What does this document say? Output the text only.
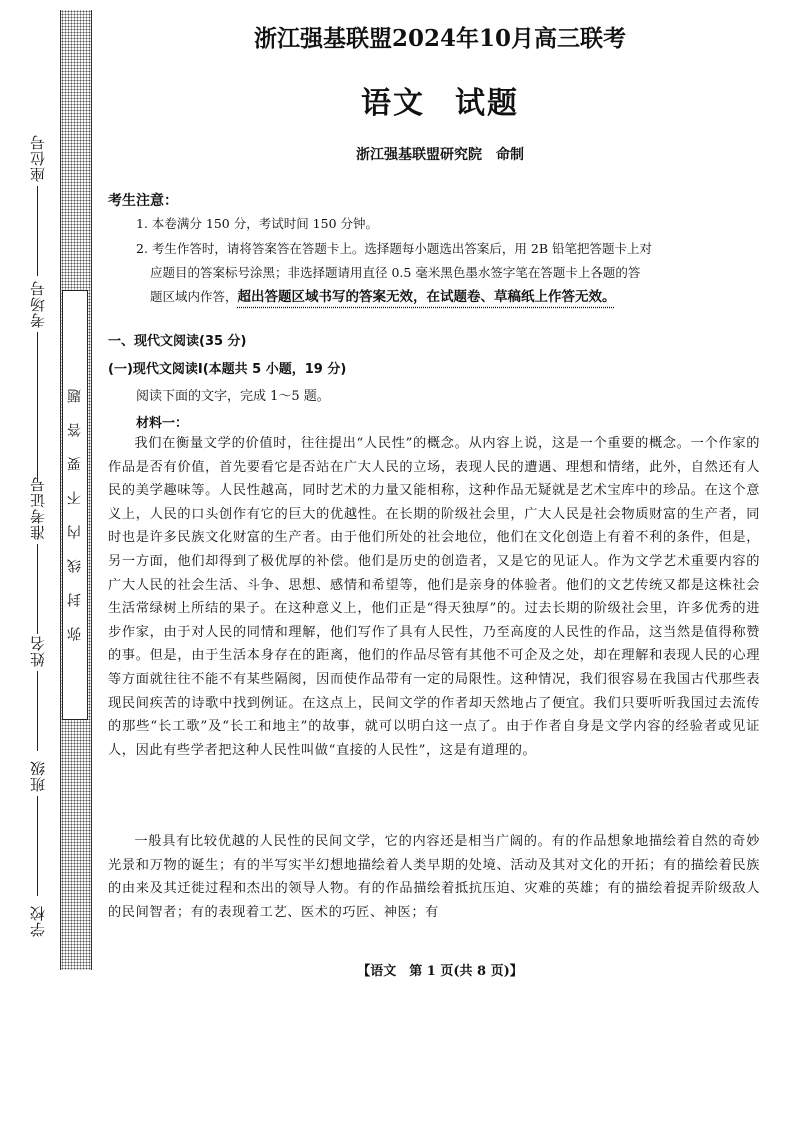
座位号
考场号
准考证号
姓名
班级
学校
弥封线内不要答题
浙江强基联盟2024年10月高三联考
语文 试题
浙江强基联盟研究院 命制
考生注意：
1. 本卷满分 150 分，考试时间 150 分钟。
2. 考生作答时，请将答案答在答题卡上。选择题每小题选出答案后，用 2B 铅笔把答题卡上对
应题目的答案标号涂黑；非选择题请用直径 0.5 毫米黑色墨水签字笔在答题卡上各题的答
题区域内作答，超出答题区域书写的答案无效，在试题卷、草稿纸上作答无效。
一、现代文阅读(35 分)
(一)现代文阅读Ⅰ(本题共 5 小题，19 分)
阅读下面的文字，完成 1～5 题。
材料一：

我们在衡量文学的价值时，往往提出“人民性”的概念。从内容上说，这是一个重要的概念。一个作家的作品是否有价值，首先要看它是否站在广大人民的立场，表现人民的遭遇、理想和情绪，此外，自然还有人民的美学趣味等。人民性越高，同时艺术的力量又能相称，这种作品无疑就是艺术宝库中的珍品。在这个意义上，人民的口头创作有它的巨大的优越性。在长期的阶级社会里，广大人民是社会物质财富的生产者，同时也是许多民族文化财富的生产者。由于他们所处的社会地位，他们在文化创造上有着不利的条件，但是，另一方面，他们却得到了极优厚的补偿。他们是历史的创造者，又是它的见证人。作为文学艺术重要内容的广大人民的社会生活、斗争、思想、感情和希望等，他们是亲身的体验者。他们的文艺传统又都是这株社会生活常绿树上所结的果子。在这种意义上，他们正是“得天独厚”的。过去长期的阶级社会里，许多优秀的进步作家，由于对人民的同情和理解，他们写作了具有人民性，乃至高度的人民性的作品，这当然是值得称赞的事。但是，由于生活本身存在的距离，他们的作品尽管有其他不可企及之处，却在理解和表现人民的心理等方面就往往不能不有某些隔阂，因而使作品带有一定的局限性。这种情况，我们很容易在我国古代那些表现民间疾苦的诗歌中找到例证。在这点上，民间文学的作者却天然地占了便宜。我们只要听听我国过去流传的那些“长工歌”及“长工和地主”的故事，就可以明白这一点了。由于作者自身是文学内容的经验者或见证人，因此有些学者把这种人民性叫做“直接的人民性”，这是有道理的。

一般具有比较优越的人民性的民间文学，它的内容还是相当广阔的。有的作品想象地描绘着自然的奇妙光景和万物的诞生；有的半写实半幻想地描绘着人类早期的处境、活动及其对文化的开拓；有的描绘着民族的由来及其迁徙过程和杰出的领导人物。有的作品描绘着抵抗压迫、灾难的英雄；有的描绘着捉弄阶级敌人的民间智者；有的表现着工艺、医术的巧匠、神医；有

【语文　第 1 页(共 8 页)】
